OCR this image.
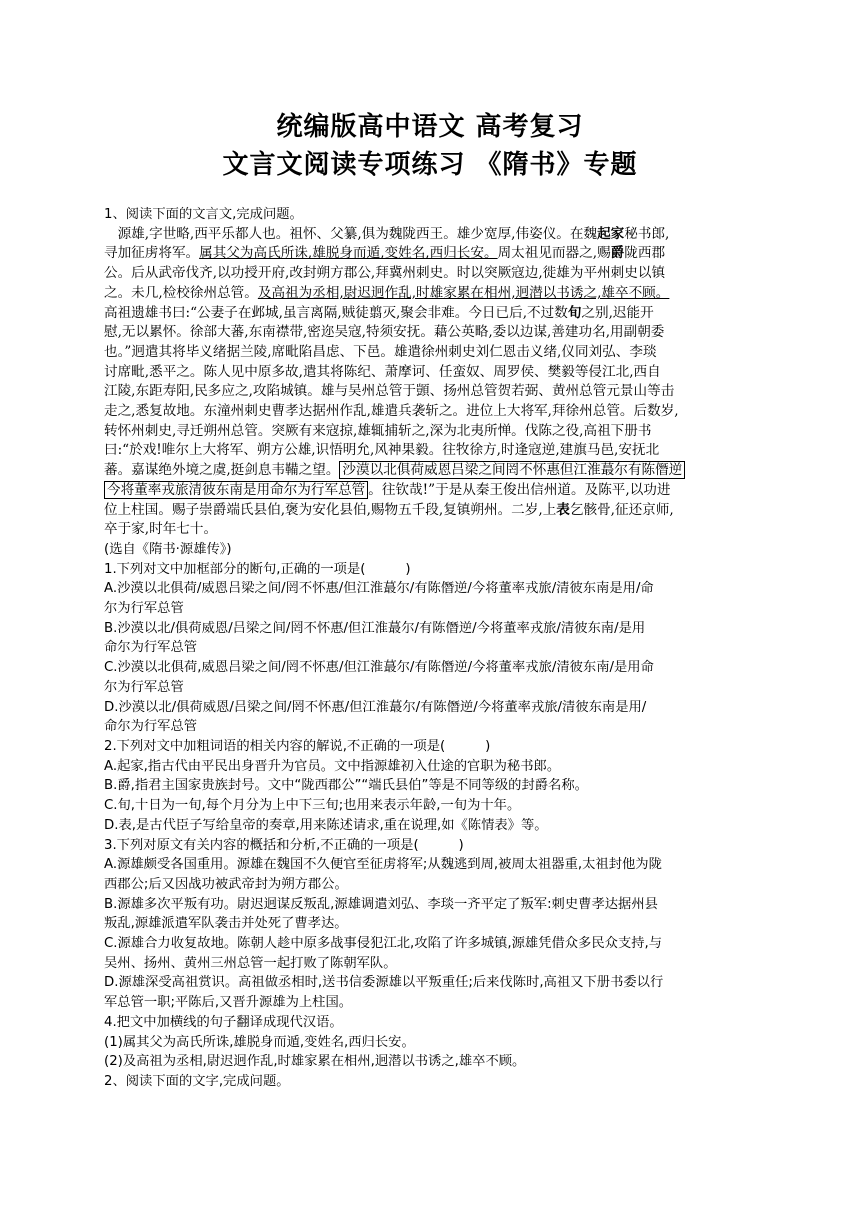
统编版高中语文 高考复习
文言文阅读专项练习 《隋书》专题
1、阅读下面的文言文,完成问题。
　源雄,字世略,西平乐都人也。祖怀、父纂,俱为魏陇西王。雄少宽厚,伟姿仪。在魏起家秘书郎,
寻加征虏将军。属其父为高氏所诛,雄脱身而遁,变姓名,西归长安。周太祖见而器之,赐爵陇西郡
公。后从武帝伐齐,以功授开府,改封朔方郡公,拜冀州刺史。时以突厥寇边,徙雄为平州刺史以镇
之。未几,检校徐州总管。及高祖为丞相,尉迟迥作乱,时雄家累在相州,迥潜以书诱之,雄卒不顾。
高祖遗雄书曰:“公妻子在邺城,虽言离隔,贼徒翦灭,聚会非难。今日已后,不过数旬之别,迟能开
慰,无以累怀。徐部大蕃,东南襟带,密迩吴寇,特须安抚。藉公英略,委以边谋,善建功名,用副朝委
也。”迥遣其将毕义绪据兰陵,席毗陷昌虑、下邑。雄遣徐州刺史刘仁恩击义绪,仪同刘弘、李琰
讨席毗,悉平之。陈人见中原多故,遣其将陈纪、萧摩诃、任蛮奴、周罗侯、樊毅等侵江北,西自
江陵,东距寿阳,民多应之,攻陷城镇。雄与吴州总管于顗、扬州总管贺若弼、黄州总管元景山等击
走之,悉复故地。东潼州刺史曹孝达据州作乱,雄遣兵袭斩之。进位上大将军,拜徐州总管。后数岁,
转怀州刺史,寻迁朔州总管。突厥有来寇掠,雄辄捕斩之,深为北夷所惮。伐陈之役,高祖下册书
曰:“於戏!唯尔上大将军、朔方公雄,识悟明允,风神果毅。往牧徐方,时逢寇逆,建旗马邑,安抚北
蕃。嘉谋绝外境之虞,挺剑息韦鞴之望。 沙漠以北俱荷威恩吕梁之间罔不怀惠但江淮蕞尔有陈僭逆
今将董率戎旅清彼东南是用命尔为行军总管 。往钦哉!”于是从秦王俊出信州道。及陈平,以功进
位上柱国。赐子崇爵端氏县伯,褒为安化县伯,赐物五千段,复镇朔州。二岁,上表乞骸骨,征还京师,
卒于家,时年七十。
(选自《隋书·源雄传》)
1.下列对文中加框部分的断句,正确的一项是(　　　)
A.沙漠以北俱荷/威恩吕梁之间/罔不怀惠/但江淮蕞尔/有陈僭逆/今将董率戎旅/清彼东南是用/命
尔为行军总管
B.沙漠以北/俱荷威恩/吕梁之间/罔不怀惠/但江淮蕞尔/有陈僭逆/今将董率戎旅/清彼东南/是用
命尔为行军总管
C.沙漠以北俱荷,威恩吕梁之间/罔不怀惠/但江淮蕞尔/有陈僭逆/今将董率戎旅/清彼东南/是用命
尔为行军总管
D.沙漠以北/俱荷威恩/吕梁之间/罔不怀惠/但江淮蕞尔/有陈僭逆/今将董率戎旅/清彼东南是用/
命尔为行军总管
2.下列对文中加粗词语的相关内容的解说,不正确的一项是(　　　)
A.起家,指古代由平民出身晋升为官员。文中指源雄初入仕途的官职为秘书郎。
B.爵,指君主国家贵族封号。文中“陇西郡公”“端氏县伯”等是不同等级的封爵名称。
C.旬,十日为一旬,每个月分为上中下三旬;也用来表示年龄,一旬为十年。
D.表,是古代臣子写给皇帝的奏章,用来陈述请求,重在说理,如《陈情表》等。
3.下列对原文有关内容的概括和分析,不正确的一项是(　　　)
A.源雄颇受各国重用。源雄在魏国不久便官至征虏将军;从魏逃到周,被周太祖器重,太祖封他为陇
西郡公;后又因战功被武帝封为朔方郡公。
B.源雄多次平叛有功。尉迟迥谋反叛乱,源雄调遣刘弘、李琰一齐平定了叛军:刺史曹孝达据州县
叛乱,源雄派遣军队袭击并处死了曹孝达。
C.源雄合力收复故地。陈朝人趁中原多战事侵犯江北,攻陷了许多城镇,源雄凭借众多民众支持,与
吴州、扬州、黄州三州总管一起打败了陈朝军队。
D.源雄深受高祖赏识。高祖做丞相时,送书信委源雄以平叛重任;后来伐陈时,高祖又下册书委以行
军总管一职;平陈后,又晋升源雄为上柱国。
4.把文中加横线的句子翻译成现代汉语。
(1)属其父为高氏所诛,雄脱身而遁,变姓名,西归长安。
(2)及高祖为丞相,尉迟迥作乱,时雄家累在相州,迥潜以书诱之,雄卒不顾。
2、阅读下面的文字,完成问题。
